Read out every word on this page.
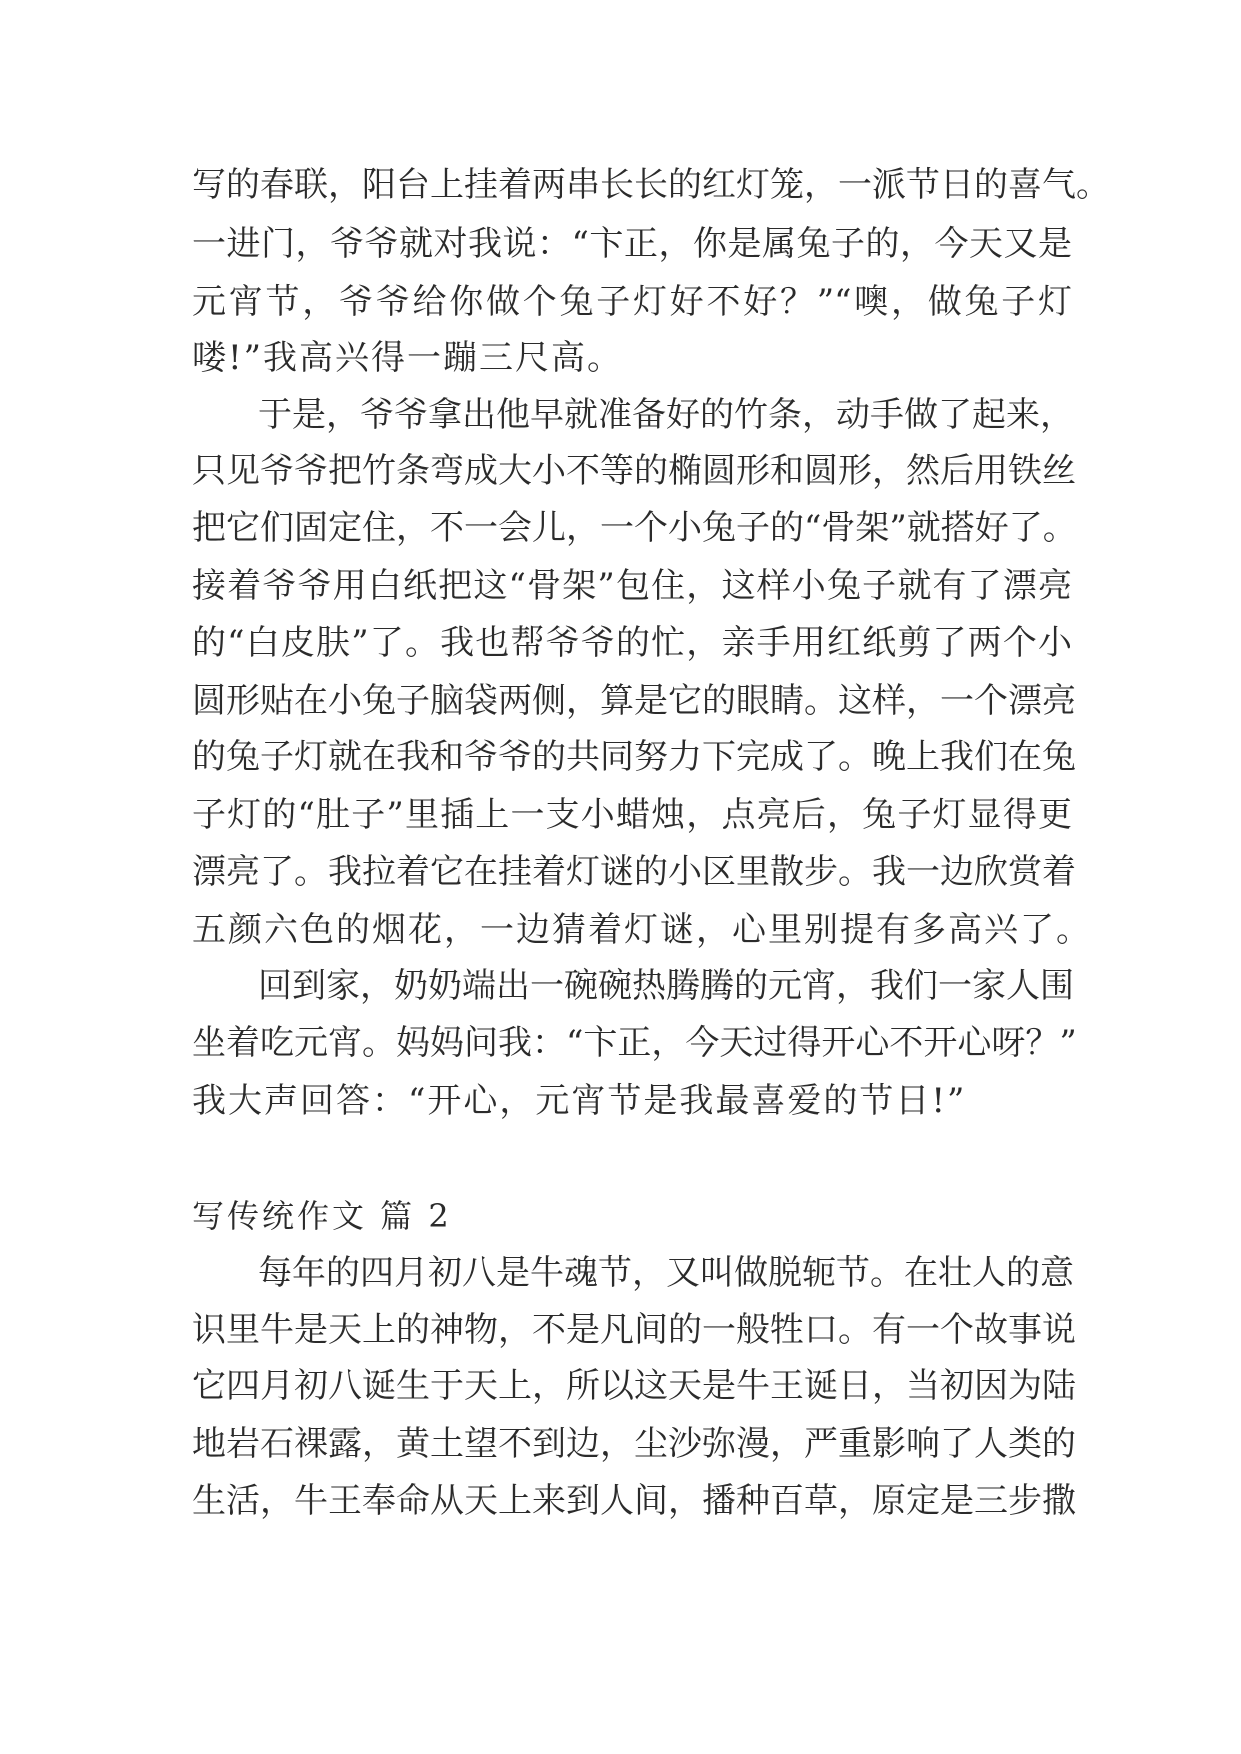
写的春联，阳台上挂着两串长长的红灯笼，一派节日的喜气。
一进门，爷爷就对我说：“卞正，你是属兔子的，今天又是
元宵节，爷爷给你做个兔子灯好不好？”“噢，做兔子灯
喽!”我高兴得一蹦三尺高。
于是，爷爷拿出他早就准备好的竹条，动手做了起来，
只见爷爷把竹条弯成大小不等的椭圆形和圆形，然后用铁丝
把它们固定住，不一会儿，一个小兔子的“骨架”就搭好了。
接着爷爷用白纸把这“骨架”包住，这样小兔子就有了漂亮
的“白皮肤”了。我也帮爷爷的忙，亲手用红纸剪了两个小
圆形贴在小兔子脑袋两侧，算是它的眼睛。这样，一个漂亮
的兔子灯就在我和爷爷的共同努力下完成了。晚上我们在兔
子灯的“肚子”里插上一支小蜡烛，点亮后，兔子灯显得更
漂亮了。我拉着它在挂着灯谜的小区里散步。我一边欣赏着
五颜六色的烟花，一边猜着灯谜，心里别提有多高兴了。
回到家，奶奶端出一碗碗热腾腾的元宵，我们一家人围
坐着吃元宵。妈妈问我：“卞正，今天过得开心不开心呀？”
我大声回答：“开心，元宵节是我最喜爱的节日!”
写传统作文 篇 2
每年的四月初八是牛魂节，又叫做脱轭节。在壮人的意
识里牛是天上的神物，不是凡间的一般牲口。有一个故事说
它四月初八诞生于天上，所以这天是牛王诞日，当初因为陆
地岩石裸露，黄土望不到边，尘沙弥漫，严重影响了人类的
生活，牛王奉命从天上来到人间，播种百草，原定是三步撒
